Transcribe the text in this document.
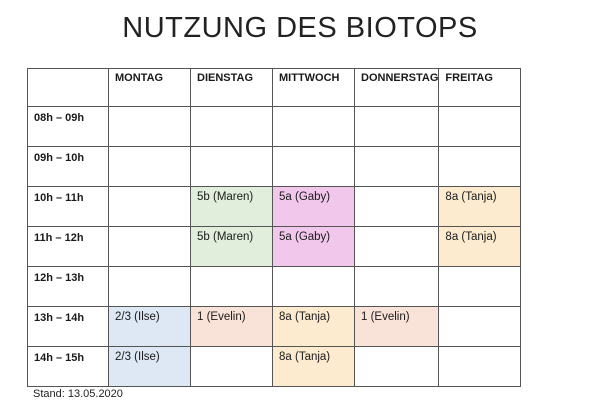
NUTZUNG DES BIOTOPS
	MONTAG	DIENSTAG	MITTWOCH	DONNERSTAG	FREITAG
08h – 09h					
09h – 10h					
10h – 11h		5b (Maren)	5a (Gaby)		8a (Tanja)
11h – 12h		5b (Maren)	5a (Gaby)		8a (Tanja)
12h – 13h					
13h – 14h	2/3 (Ilse)	1 (Evelin)	8a (Tanja)	1 (Evelin)	
14h – 15h	2/3 (Ilse)		8a (Tanja)		
Stand: 13.05.2020
